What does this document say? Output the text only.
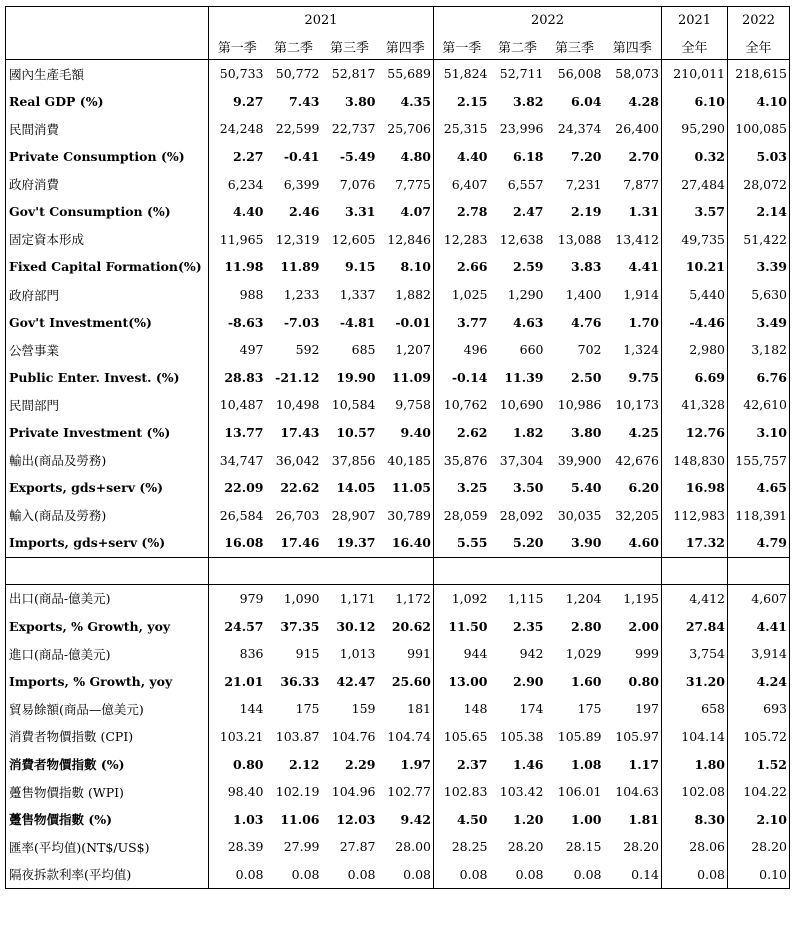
	2021				2022				2021	2022
	第一季	第二季	第三季	第四季	第一季	第二季	第三季	第四季	全年	全年
國內生產毛額	50,733	50,772	52,817	55,689	51,824	52,711	56,008	58,073	210,011	218,615
Real GDP (%)	9.27	7.43	3.80	4.35	2.15	3.82	6.04	4.28	6.10	4.10
民間消費	24,248	22,599	22,737	25,706	25,315	23,996	24,374	26,400	95,290	100,085
Private Consumption (%)	2.27	-0.41	-5.49	4.80	4.40	6.18	7.20	2.70	0.32	5.03
政府消費	6,234	6,399	7,076	7,775	6,407	6,557	7,231	7,877	27,484	28,072
Gov't Consumption (%)	4.40	2.46	3.31	4.07	2.78	2.47	2.19	1.31	3.57	2.14
固定資本形成	11,965	12,319	12,605	12,846	12,283	12,638	13,088	13,412	49,735	51,422
Fixed Capital Formation(%)	11.98	11.89	9.15	8.10	2.66	2.59	3.83	4.41	10.21	3.39
政府部門	988	1,233	1,337	1,882	1,025	1,290	1,400	1,914	5,440	5,630
Gov't Investment(%)	-8.63	-7.03	-4.81	-0.01	3.77	4.63	4.76	1.70	-4.46	3.49
公營事業	497	592	685	1,207	496	660	702	1,324	2,980	3,182
Public Enter. Invest. (%)	28.83	-21.12	19.90	11.09	-0.14	11.39	2.50	9.75	6.69	6.76
民間部門	10,487	10,498	10,584	9,758	10,762	10,690	10,986	10,173	41,328	42,610
Private Investment (%)	13.77	17.43	10.57	9.40	2.62	1.82	3.80	4.25	12.76	3.10
輸出(商品及勞務)	34,747	36,042	37,856	40,185	35,876	37,304	39,900	42,676	148,830	155,757
Exports, gds+serv (%)	22.09	22.62	14.05	11.05	3.25	3.50	5.40	6.20	16.98	4.65
輸入(商品及勞務)	26,584	26,703	28,907	30,789	28,059	28,092	30,035	32,205	112,983	118,391
Imports, gds+serv (%)	16.08	17.46	19.37	16.40	5.55	5.20	3.90	4.60	17.32	4.79

出口(商品-億美元)	979	1,090	1,171	1,172	1,092	1,115	1,204	1,195	4,412	4,607
Exports, % Growth, yoy	24.57	37.35	30.12	20.62	11.50	2.35	2.80	2.00	27.84	4.41
進口(商品-億美元)	836	915	1,013	991	944	942	1,029	999	3,754	3,914
Imports, % Growth, yoy	21.01	36.33	42.47	25.60	13.00	2.90	1.60	0.80	31.20	4.24
貿易餘額(商品—億美元)	144	175	159	181	148	174	175	197	658	693
消費者物價指數 (CPI)	103.21	103.87	104.76	104.74	105.65	105.38	105.89	105.97	104.14	105.72
消費者物價指數 (%)	0.80	2.12	2.29	1.97	2.37	1.46	1.08	1.17	1.80	1.52
躉售物價指數 (WPI)	98.40	102.19	104.96	102.77	102.83	103.42	106.01	104.63	102.08	104.22
躉售物價指數 (%)	1.03	11.06	12.03	9.42	4.50	1.20	1.00	1.81	8.30	2.10
匯率(平均值)(NT$/US$)	28.39	27.99	27.87	28.00	28.25	28.20	28.15	28.20	28.06	28.20
隔夜拆款利率(平均值)	0.08	0.08	0.08	0.08	0.08	0.08	0.08	0.14	0.08	0.10
